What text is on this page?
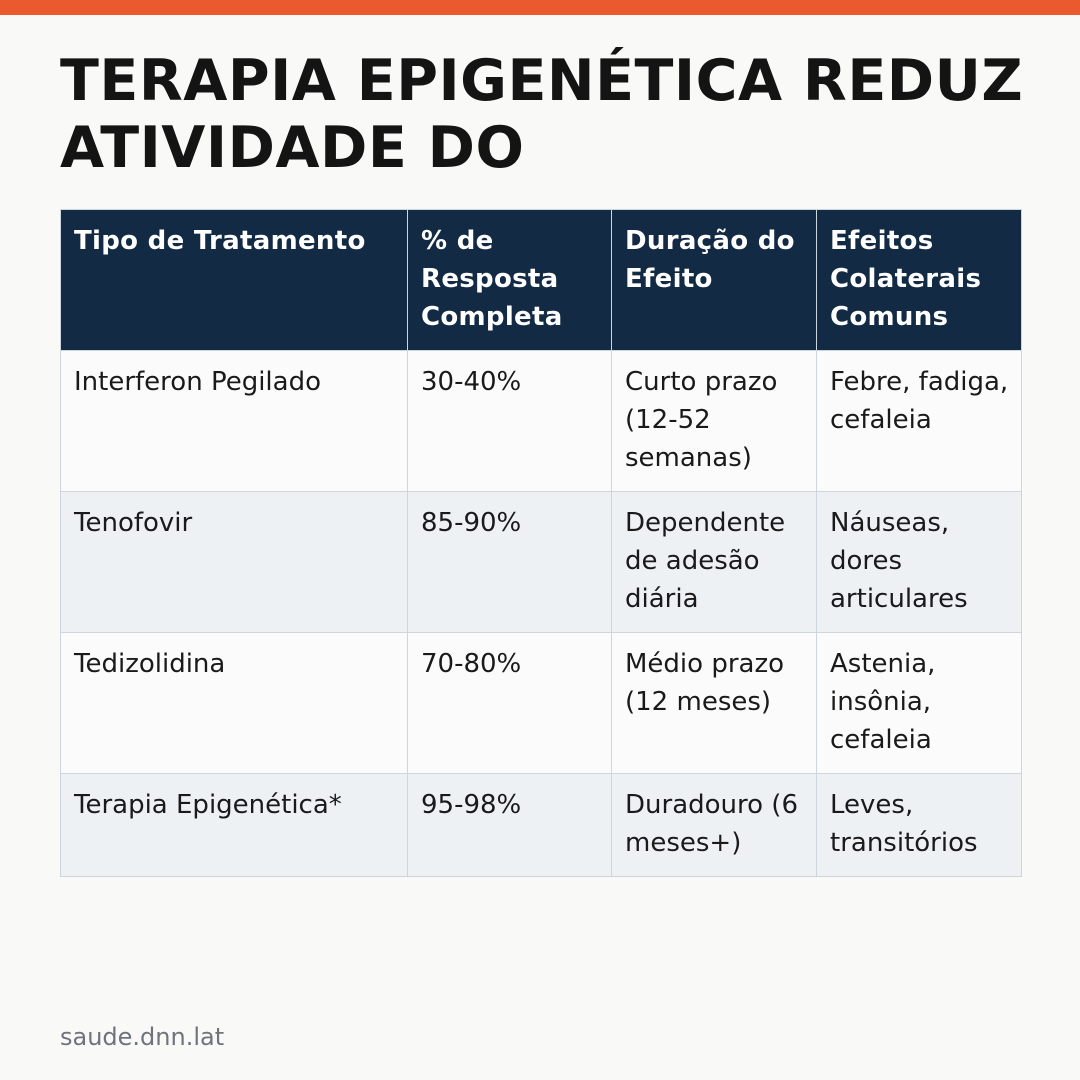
TERAPIA EPIGENÉTICA REDUZ ATIVIDADE DO
Tipo de Tratamento	% de Resposta Completa	Duração do Efeito	Efeitos Colaterais Comuns
Interferon Pegilado	30-40%	Curto prazo (12-52 semanas)	Febre, fadiga, cefaleia
Tenofovir	85-90%	Dependente de adesão diária	Náuseas, dores articulares
Tedizolidina	70-80%	Médio prazo (12 meses)	Astenia, insônia, cefaleia
Terapia Epigenética*	95-98%	Duradouro (6 meses+)	Leves, transitórios
saude.dnn.lat
